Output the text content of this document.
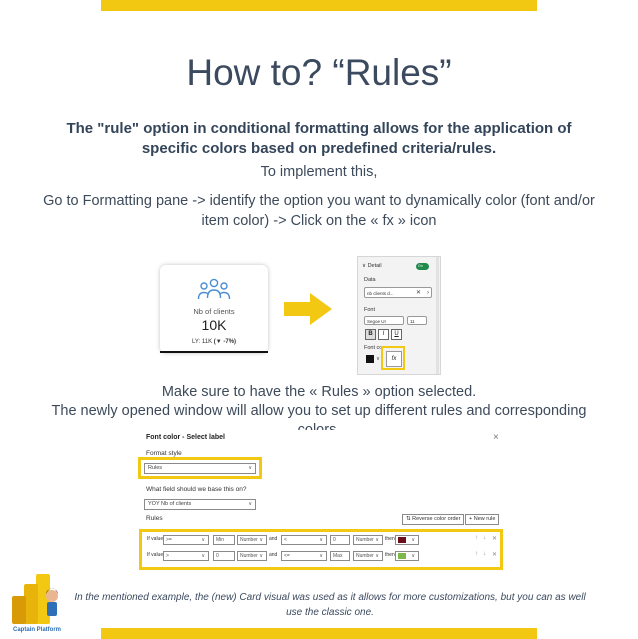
How to? “Rules”
The "rule" option in conditional formatting allows for the application of specific colors based on predefined criteria/rules.
To implement this,
Go to Formatting pane -> identify the option you want to dynamically color (font and/or item color) -> Click on the « fx » icon
Nb of clients
10K
LY: 11K (▼ -7%)
∨ Detail	On
Data
nb clients d...	✕ ›
Font
Segoe UI	11
B	I	U
Font co
∨	fx
Make sure to have the « Rules » option selected.
The newly opened window will allow you to set up different rules and corresponding
Font color - Select label	×
Format style
Rules	∨
What field should we base this on?
YOY Nb of clients	∨
Rules	⇅ Reverse color order	+ New rule
If value >=	∨	Min	Number ∨ and	<	∨	0	Number ∨ then	∨	↑ ↓ ✕
If value >	∨	0	Number ∨ and	<=	∨	Max	Number ∨ then	∨	↑ ↓ ✕
In the mentioned example, the (new) Card visual was used as it allows for more customizations, but you can as well use the classic one.
Captain Platform
